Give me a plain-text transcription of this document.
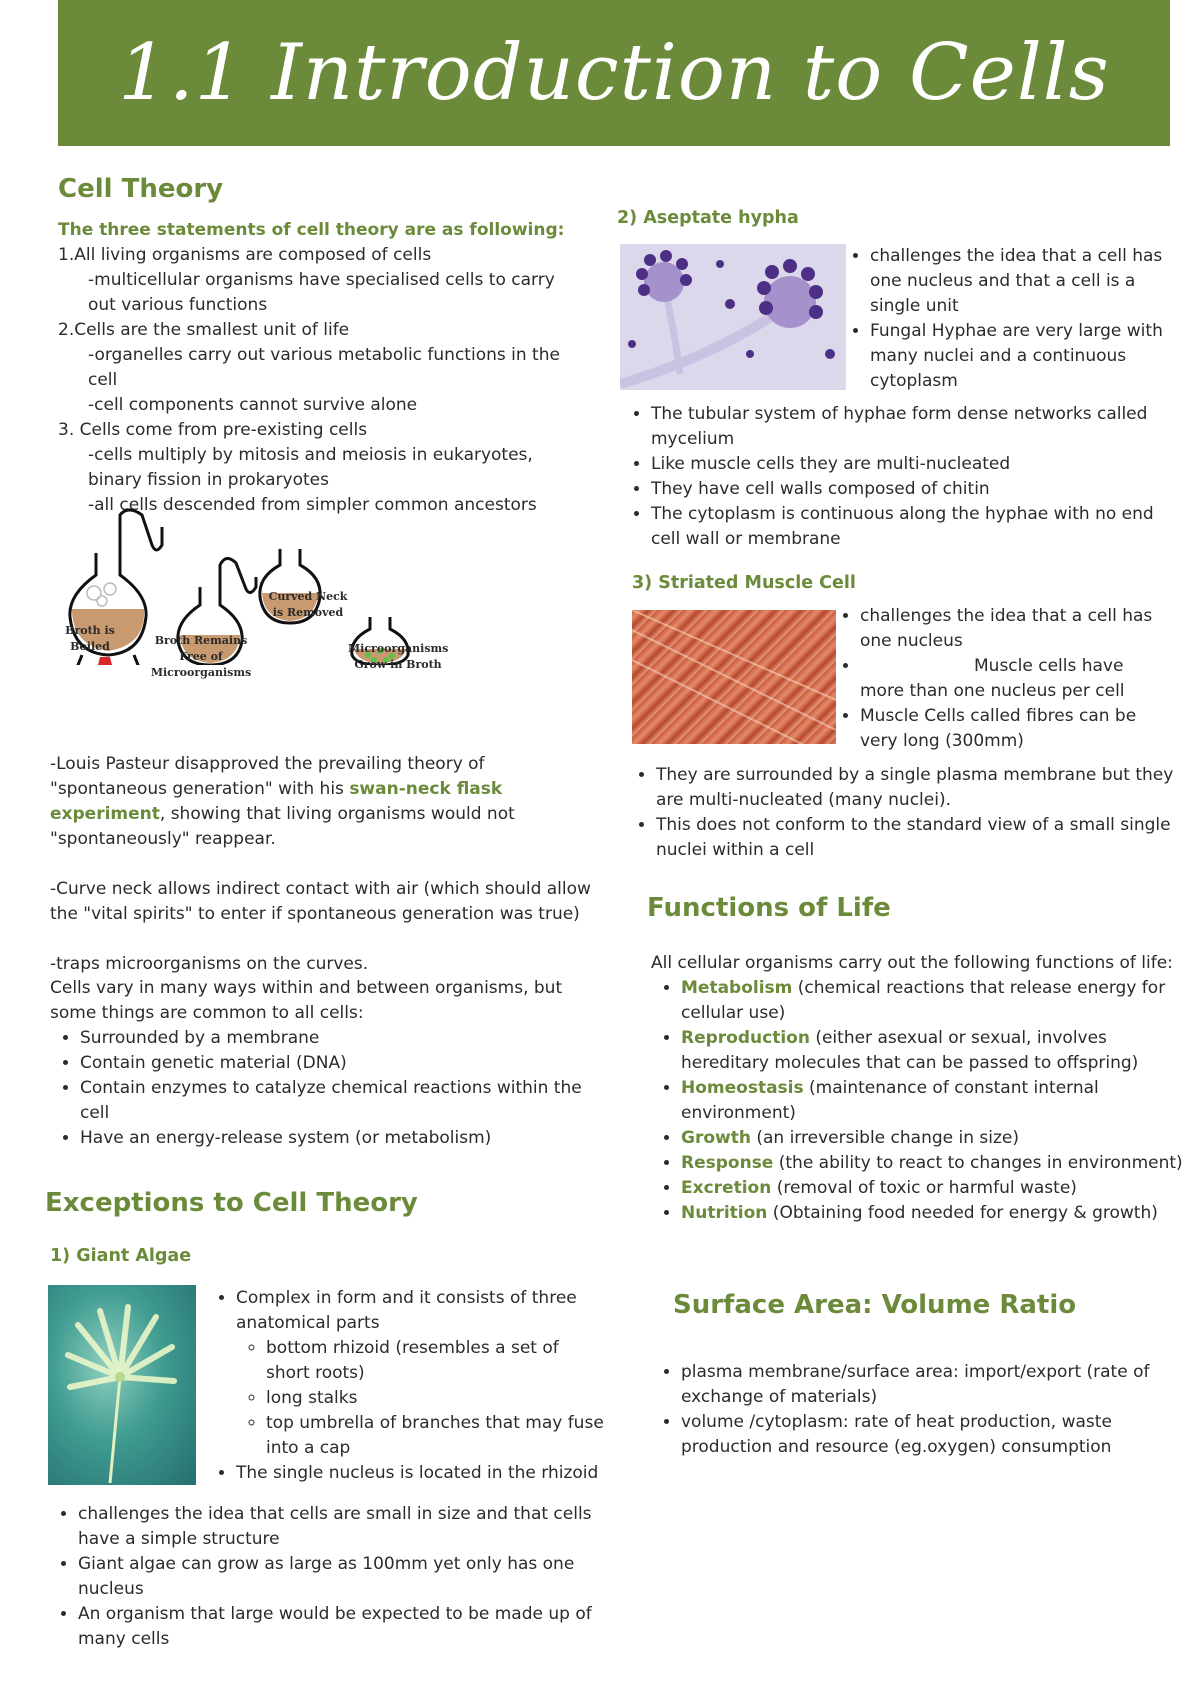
1.1 Introduction to Cells
Cell Theory

The three statements of cell theory are as following:

1.All living organisms are composed of cells

-multicellular organisms have specialised cells to carry out various functions

2.Cells are the smallest unit of life

-organelles carry out various metabolic functions in the cell

-cell components cannot survive alone

3. Cells come from pre-existing cells

-cells multiply by mitosis and meiosis in eukaryotes, binary fission in prokaryotes

-all cells descended from simpler common ancestors

Broth is Boiled	Broth Remains Free of Microorganisms
Curved Neck is Removed
Microorganisms Grow in Broth

-Louis Pasteur disapproved the prevailing theory of "spontaneous generation" with his swan-neck flask experiment, showing that living organisms would not "spontaneously" reappear.

-Curve neck allows indirect contact with air (which should allow the "vital spirits" to enter if spontaneous generation was true)

-traps microorganisms on the curves.

Cells vary in many ways within and between organisms, but some things are common to all cells:

• Surrounded by a membrane
• Contain genetic material (DNA)
• Contain enzymes to catalyze chemical reactions within the cell
• Have an energy-release system (or metabolism)
Exceptions to Cell Theory
1) Giant Algae
• Complex in form and it consists of three anatomical parts
◦ bottom rhizoid (resembles a set of short roots)
◦ long stalks
◦ top umbrella of branches that may fuse into a cap
• The single nucleus is located in the rhizoid
• challenges the idea that cells are small in size and that cells have a simple structure
• Giant algae can grow as large as 100mm yet only has one nucleus
• An organism that large would be expected to be made up of many cells
2) Aseptate hypha
• challenges the idea that a cell has one nucleus and that a cell is a single unit
• Fungal Hyphae are very large with many nuclei and a continuous cytoplasm
• The tubular system of hyphae form dense networks called mycelium
• Like muscle cells they are multi-nucleated
• They have cell walls composed of chitin
• The cytoplasm is continuous along the hyphae with no end cell wall or membrane
3) Striated Muscle Cell
• challenges the idea that a cell has one nucleus
• Muscle cells have more than one nucleus per cell
• Muscle Cells called fibres can be very long (300mm)
• They are surrounded by a single plasma membrane but they are multi-nucleated (many nuclei).
• This does not conform to the standard view of a small single nuclei within a cell
Functions of Life

All cellular organisms carry out the following functions of life:

• Metabolism (chemical reactions that release energy for cellular use)
• Reproduction (either asexual or sexual, involves hereditary molecules that can be passed to offspring)
• Homeostasis (maintenance of constant internal environment)
• Growth (an irreversible change in size)
• Response (the ability to react to changes in environment)
• Excretion (removal of toxic or harmful waste)
• Nutrition (Obtaining food needed for energy & growth)
Surface Area: Volume Ratio
• plasma membrane/surface area: import/export (rate of exchange of materials)
• volume /cytoplasm: rate of heat production, waste production and resource (eg.oxygen) consumption
